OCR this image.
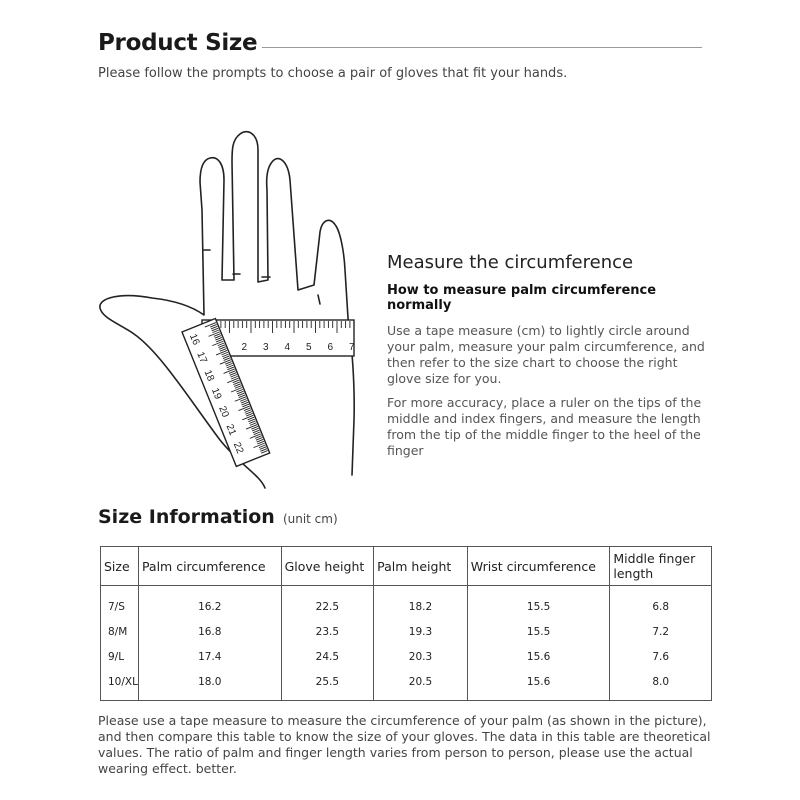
Product Size
Please follow the prompts to choose a pair of gloves that fit your hands.
2 3 4 5 6 7
16
17
18
19
20
21
22
Measure the circumference
How to measure palm circumference normally

Use a tape measure (cm) to lightly circle around your palm, measure your palm circumference, and then refer to the size chart to choose the right glove size for you.

For more accuracy, place a ruler on the tips of the middle and index fingers, and measure the length from the tip of the middle finger to the heel of the finger

Size Information (unit cm)
Size	Palm circumference	Glove height	Palm height	Wrist circumference	Middle finger length
7/S	16.2	22.5	18.2	15.5	6.8
8/M	16.8	23.5	19.3	15.5	7.2
9/L	17.4	24.5	20.3	15.6	7.6
10/XL	18.0	25.5	20.5	15.6	8.0
Please use a tape measure to measure the circumference of your palm (as shown in the picture), and then compare this table to know the size of your gloves. The data in this table are theoretical values. The ratio of palm and finger length varies from person to person, please use the actual wearing effect. better.
